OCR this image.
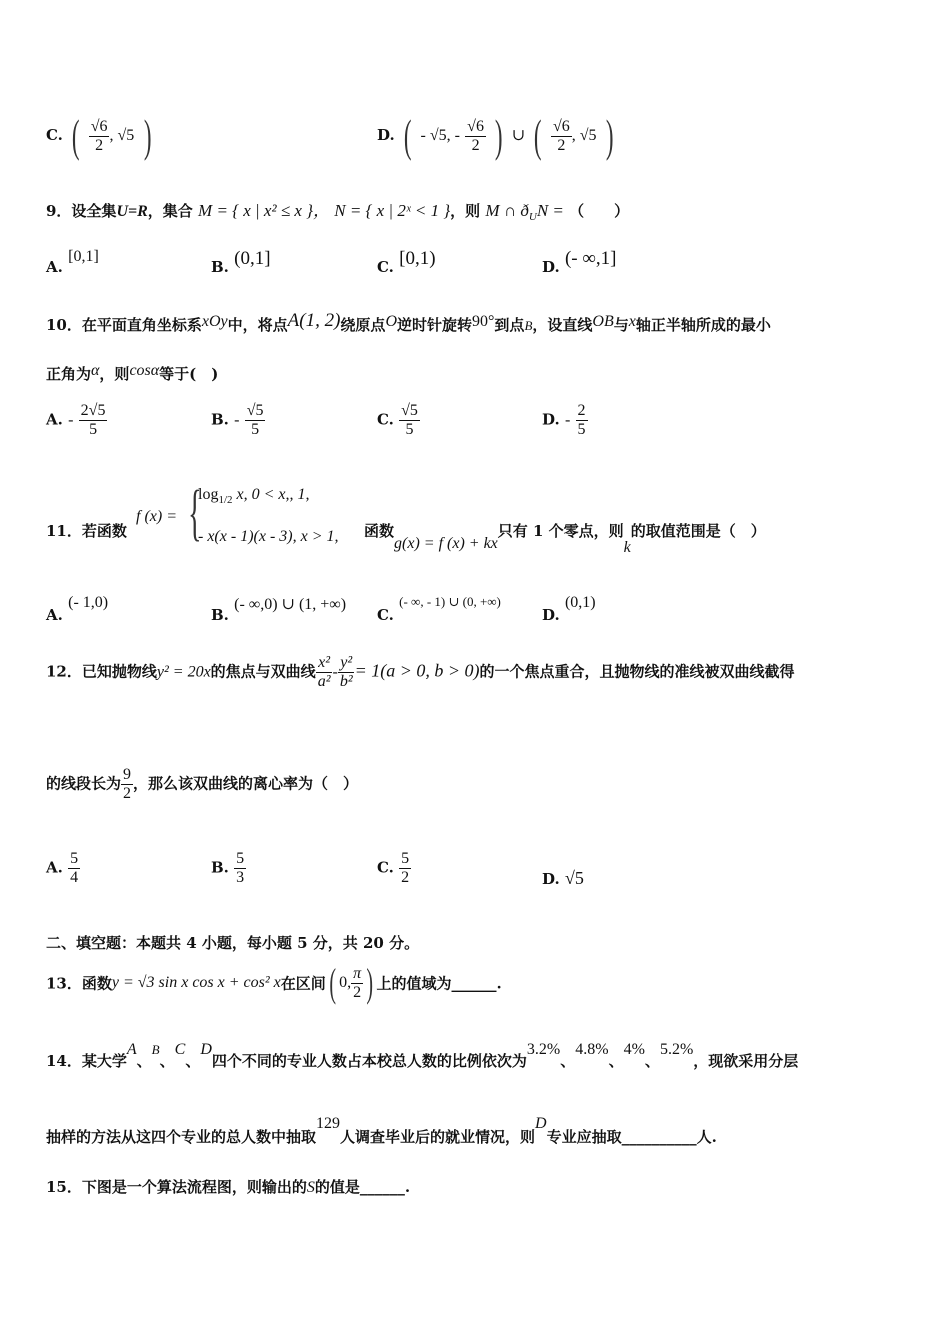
C. ( $\frac{√6}{2}$ , √5 )	D. ( - √5, - $\frac{√6}{2}$ ) ∪ ( $\frac{√6}{2}$ , √5 )
9．设全集U=R，集合 M = { x | x² ≤ x }， N = { x | 2ˣ < 1 }，则 M ∩ $ð_UN$ = （　　）
A. [0,1]
B. (0,1]	C. [0,1)	D. (- ∞,1]
10．在平面直角坐标系xOy中，将点A(1, 2)绕原点O逆时针旋转90°到点B，设直线OB与x轴正半轴所成的最小
正角为α，则cosα等于(　)
A. - $\frac{2√5}{5}$	B. - $\frac{√5}{5}$	C. $\frac{√5}{5}$	D. - $\frac{2}{5}$
11．若函数
f (x) = {
$\log_{1/2} x$, 0 < x,, 1,
- x(x - 1)(x - 3), x > 1, 函数g(x) = f (x) + kx只有 1 个零点，则k的取值范围是（　）
A. (- 1,0)
B. (- ∞,0) ∪ (1, +∞)
C. (- ∞, - 1) ∪ (0, +∞)
D. (0,1)
12．已知抛物线y² = 20x的焦点与双曲线 $\frac{\text{x²}}{\text{a²}} - \frac{\text{y²}}{\text{b²}} = 1(a > 0$, b > 0)的一个焦点重合，且抛物线的准线被双曲线截得
的线段长为 $\frac{9}{2}$ ，那么该双曲线的离心率为（　）
A. $\frac{5}{4}$	B. $\frac{5}{3}$	C. $\frac{5}{2}$	D. √5
二、填空题：本题共 4 小题，每小题 5 分，共 20 分。
13．函数y = √3 sin x cos x + cos² x在区间( 0, $\frac{\pi}{2}$ ) 上的值域为______.
14．某大学A、B、C、D四个不同的专业人数占本校总人数的比例依次为3.2%、4.8%、4%、5.2%，现欲采用分层
抽样的方法从这四个专业的总人数中抽取129人调查毕业后的就业情况，则D专业应抽取__________人.
15．下图是一个算法流程图，则输出的S的值是______.
